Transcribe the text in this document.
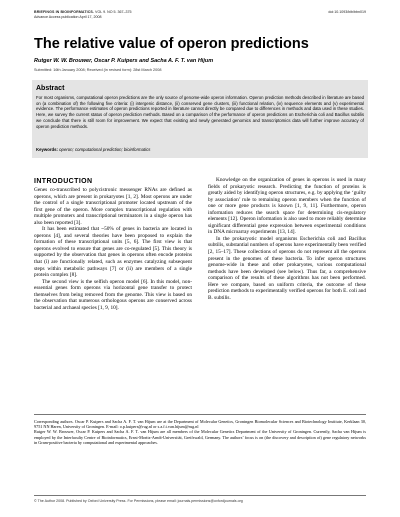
BRIEFINGS IN BIOINFORMATICS. VOL 9. NO 5. 367–375	doi:10.1093/bib/bbn019
Advance Access publication April 17, 2008
The relative value of operon predictions
Rutger W. W. Brouwer, Oscar P. Kuipers and Sacha A. F. T. van Hijum
Submitted: 16th January 2008; Received (in revised form): 28st March 2008
Abstract

For most organisms, computational operon predictions are the only source of genome-wide operon information. Operon prediction methods described in literature are based on (a combination of) the following five criteria: (i) intergenic distance, (ii) conserved gene clusters, (iii) functional relation, (iv) sequence elements and (v) experimental evidence. The performance estimates of operon predictions reported in literature cannot directly be compared due to differences in methods and data used in these studies. Here, we survey the current status of operon prediction methods. Based on a comparison of the performance of operon predictions on Escherichia coli and Bacillus subtilis we conclude that there is still room for improvement. We expect that existing and newly generated genomics and transcriptomics data will further improve accuracy of operon prediction methods.

Keywords: operon; computational prediction; bioinformatics
INTRODUCTION

Genes co-transcribed to polycistronic messenger RNAs are defined as operons, which are present in prokaryotes [1, 2]. Most operons are under the control of a single transcriptional promoter located upstream of the first gene of the operon. More complex transcriptional regulation with multiple promoters and transcriptional terminators in a single operon has also been reported [3].

It has been estimated that ~50% of genes in bacteria are located in operons [4], and several theories have been proposed to explain the formation of these transcriptional units [5, 6]. The first view is that operons evolved to ensure that genes are co-regulated [5]. This theory is supported by the observation that genes in operons often encode proteins that (i) are functionally related, such as enzymes catalyzing subsequent steps within metabolic pathways [7] or (ii) are members of a single protein complex [8].

The second view is the selfish operon model [6]. In this model, non-essential genes form operons via horizontal gene transfer to protect themselves from being removed from the genome. This view is based on the observation that numerous orthologous operons are conserved across bacterial and archaeal species [1, 9, 10].

Knowledge on the organization of genes in operons is used in many fields of prokaryotic research. Predicting the function of proteins is greatly aided by identifying operon structures, e.g. by applying the ‘guilty by association’ rule to remaining operon members when the function of one or more gene products is known [1, 9, 11]. Furthermore, operon information reduces the search space for determining cis-regulatory elements [12]. Operon information is also used to more reliably determine significant differential gene expression between experimental conditions in DNA microarray experiments [13, 14].

In the prokaryotic model organisms Escherichia coli and Bacillus subtilis, substantial numbers of operons have experimentally been verified [2, 15–17]. These collections of operons do not represent all the operons present in the genomes of these bacteria. To infer operon structures genome-wide in these and other prokaryotes, various computational methods have been developed (see below). Thus far, a comprehensive comparison of the results of these algorithms has not been performed. Here we compare, based on uniform criteria, the outcome of these prediction methods to experimentally verified operons for both E. coli and B. subtilis.

Corresponding authors. Oscar P. Kuipers and Sacha A. F. T. van Hijum are at the Department of Molecular Genetics, Groningen Biomolecular Sciences and Biotechnology Institute, Kerklaan 30, 9751 NN Haren, University of Groningen. E-mail: o.p.kuipers@rug.nl or s.a.f.t.van.hijum@rug.nl

Rutger W. W. Brouwer, Oscar P. Kuipers and Sacha A. F. T. van Hijum are all members of the Molecular Genetics Department of the University of Groningen. Currently, Sacha van Hijum is employed by the Interfaculty Centre of Bioinformatics, Ernst-Moritz-Arndt-Universität, Greifswald, Germany. The authors’ focus is on (the discovery and description of) gene regulatory networks in Gram-positive bacteria by computational and experimental approaches.

© The Author 2008. Published by Oxford University Press. For Permissions, please email: journals.permissions@oxfordjournals.org
